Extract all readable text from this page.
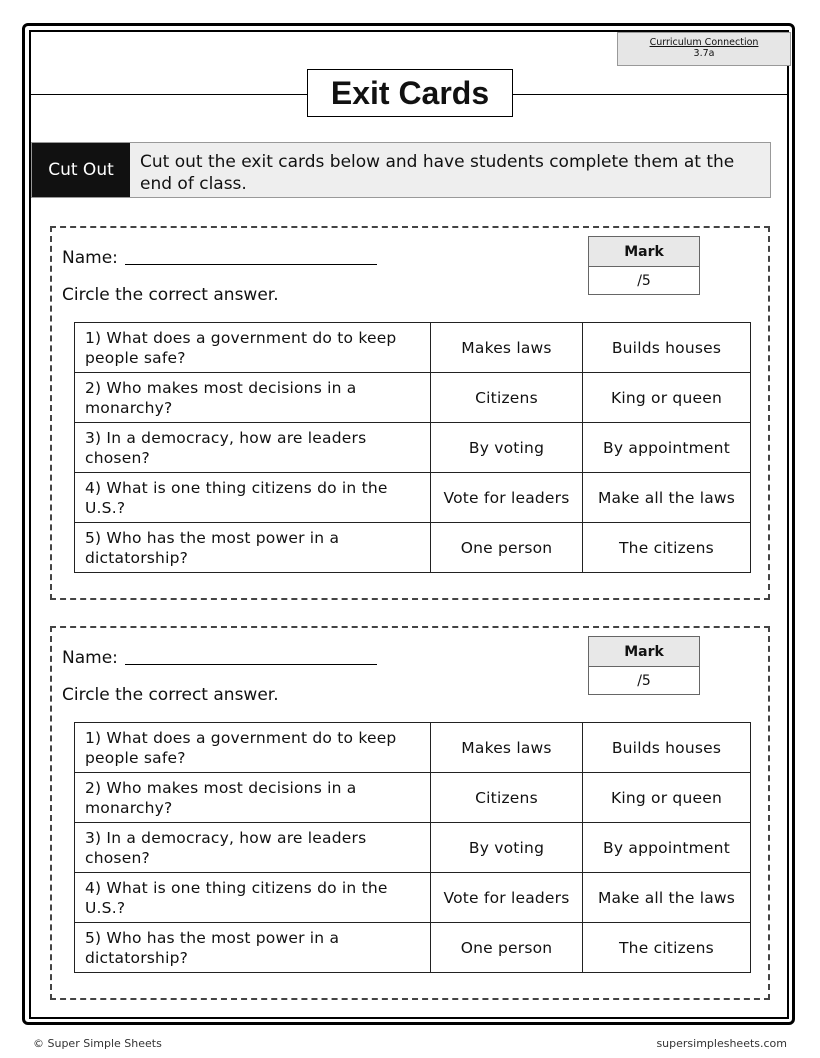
Curriculum Connection
3.7a
Exit Cards
Cut Out	Cut out the exit cards below and have students complete them at the end of class.
Name:
Circle the correct answer.
Mark
/5
1) What does a government do to keep people safe?	Makes laws	Builds houses
2) Who makes most decisions in a monarchy?	Citizens	King or queen
3) In a democracy, how are leaders chosen?	By voting	By appointment
4) What is one thing citizens do in the U.S.?	Vote for leaders	Make all the laws
5) Who has the most power in a dictatorship?	One person	The citizens
Name:
Circle the correct answer.
Mark
/5
1) What does a government do to keep people safe?	Makes laws	Builds houses
2) Who makes most decisions in a monarchy?	Citizens	King or queen
3) In a democracy, how are leaders chosen?	By voting	By appointment
4) What is one thing citizens do in the U.S.?	Vote for leaders	Make all the laws
5) Who has the most power in a dictatorship?	One person	The citizens
© Super Simple Sheets	supersimplesheets.com
